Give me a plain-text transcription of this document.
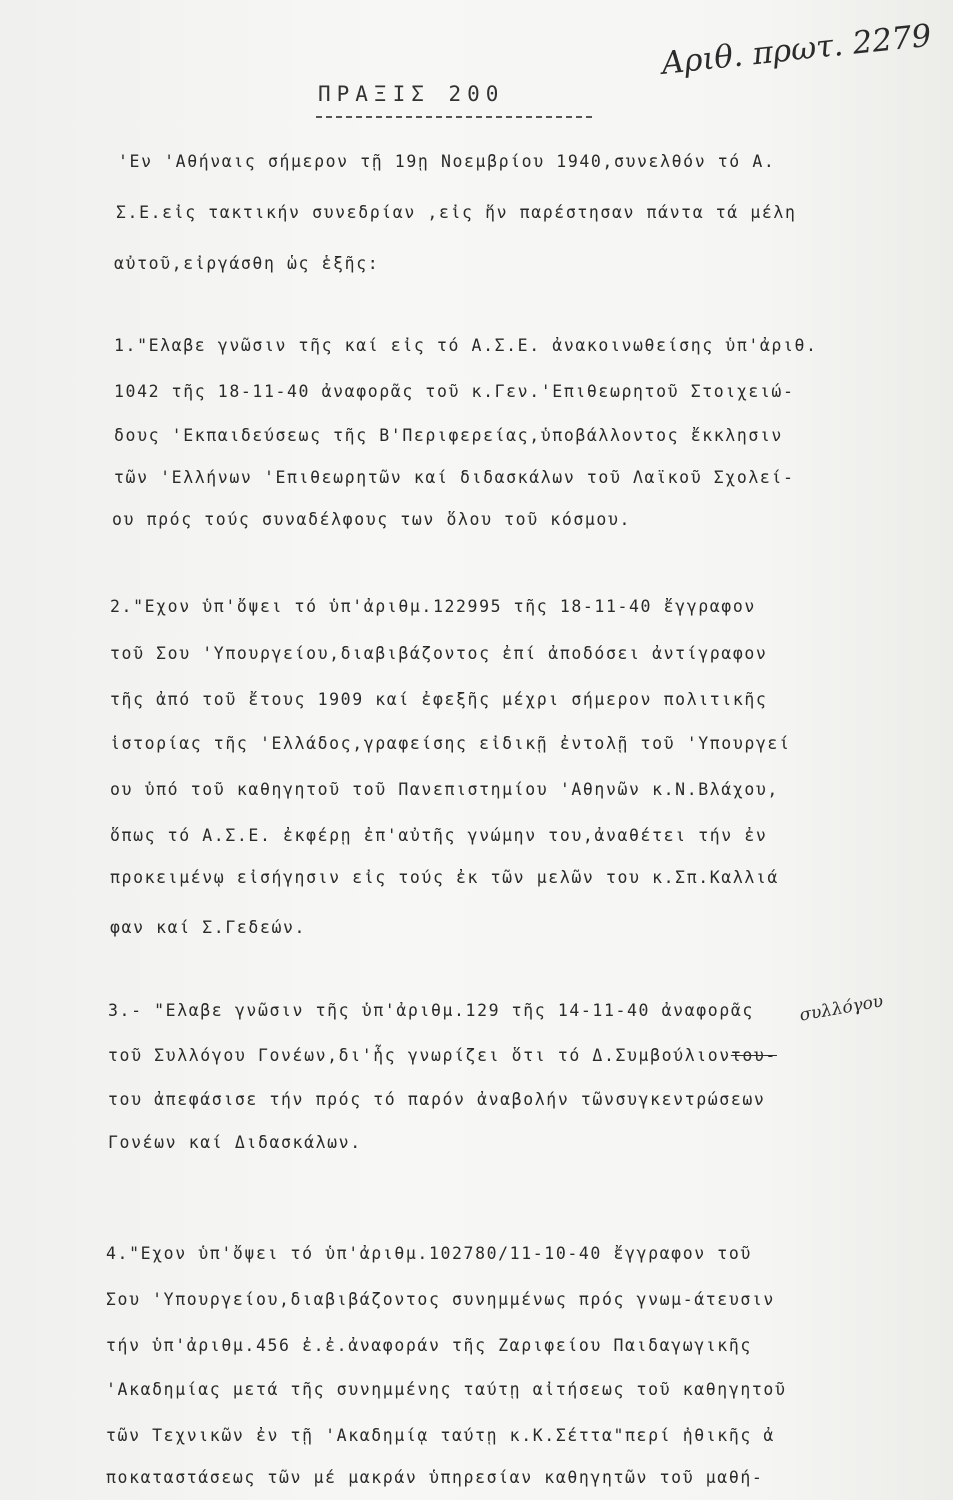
ΠΡΑΞΙΣ 200
Αριθ. πρωτ. 2279
'Εν 'Αθήναις σήμερον τῇ 19ῃ Νοεμβρίου 1940,συνελθόν τό Α.
Σ.Ε.εἰς τακτικήν συνεδρίαν ,εἰς ἥν παρέστησαν πάντα τά μέλη
αὐτοῦ,εἰργάσθη ὡς ἑξῆς:
1."Ελαβε γνῶσιν τῆς καί εἰς τό Α.Σ.Ε. ἀνακοινωθείσης ὑπ'ἀριθ.
1042 τῆς 18-11-40 ἀναφορᾶς τοῦ κ.Γεν.'Επιθεωρητοῦ Στοιχειώ-
δους 'Εκπαιδεύσεως τῆς Β'Περιφερείας,ὑποβάλλοντος ἔκκλησιν
τῶν 'Ελλήνων 'Επιθεωρητῶν καί διδασκάλων τοῦ Λαϊκοῦ Σχολεί-
ου πρός τούς συναδέλφους των ὅλου τοῦ κόσμου.
2."Εχον ὑπ'ὄψει τό ὑπ'ἀριθμ.122995 τῆς 18-11-40 ἔγγραφον
τοῦ Σου 'Υπουργείου,διαβιβάζοντος ἐπί ἀποδόσει ἀντίγραφον
τῆς ἀπό τοῦ ἔτους 1909 καί ἐφεξῆς μέχρι σήμερον πολιτικῆς
ἱστορίας τῆς 'Ελλάδος,γραφείσης εἰδικῇ ἐντολῇ τοῦ 'Υπουργεί
ου ὑπό τοῦ καθηγητοῦ τοῦ Πανεπιστημίου 'Αθηνῶν κ.Ν.Βλάχου,
ὅπως τό Α.Σ.Ε. ἐκφέρῃ ἐπ'αὐτῆς γνώμην του,ἀναθέτει τήν ἐν
προκειμένῳ εἰσήγησιν εἰς τούς ἐκ τῶν μελῶν του κ.Σπ.Καλλιά
φαν καί Σ.Γεδεών.
συλλόγου
3.- "Ελαβε γνῶσιν τῆς ὑπ'ἀριθμ.129 τῆς 14-11-40 ἀναφορᾶς
τοῦ Συλλόγου Γονέων,δι'ἧς γνωρίζει ὅτι τό Δ.Συμβούλιοντου-
του ἀπεφάσισε τήν πρός τό παρόν ἀναβολήν τῶνσυγκεντρώσεων
Γονέων καί Διδασκάλων.
4."Εχον ὑπ'ὄψει τό ὑπ'ἀριθμ.102780/11-10-40 ἔγγραφον τοῦ
Σου 'Υπουργείου,διαβιβάζοντος συνημμένως πρός γνωμ-άτευσιν
τήν ὑπ'ἀριθμ.456 ἐ.ἐ.ἀναφοράν τῆς Ζαριφείου Παιδαγωγικῆς
'Ακαδημίας μετά τῆς συνημμένης ταύτῃ αἰτήσεως τοῦ καθηγητοῦ
τῶν Τεχνικῶν ἐν τῇ 'Ακαδημίᾳ ταύτῃ κ.Κ.Σέττα"περί ἠθικῆς ἀ
ποκαταστάσεως τῶν μέ μακράν ὑπηρεσίαν καθηγητῶν τοῦ μαθή-
